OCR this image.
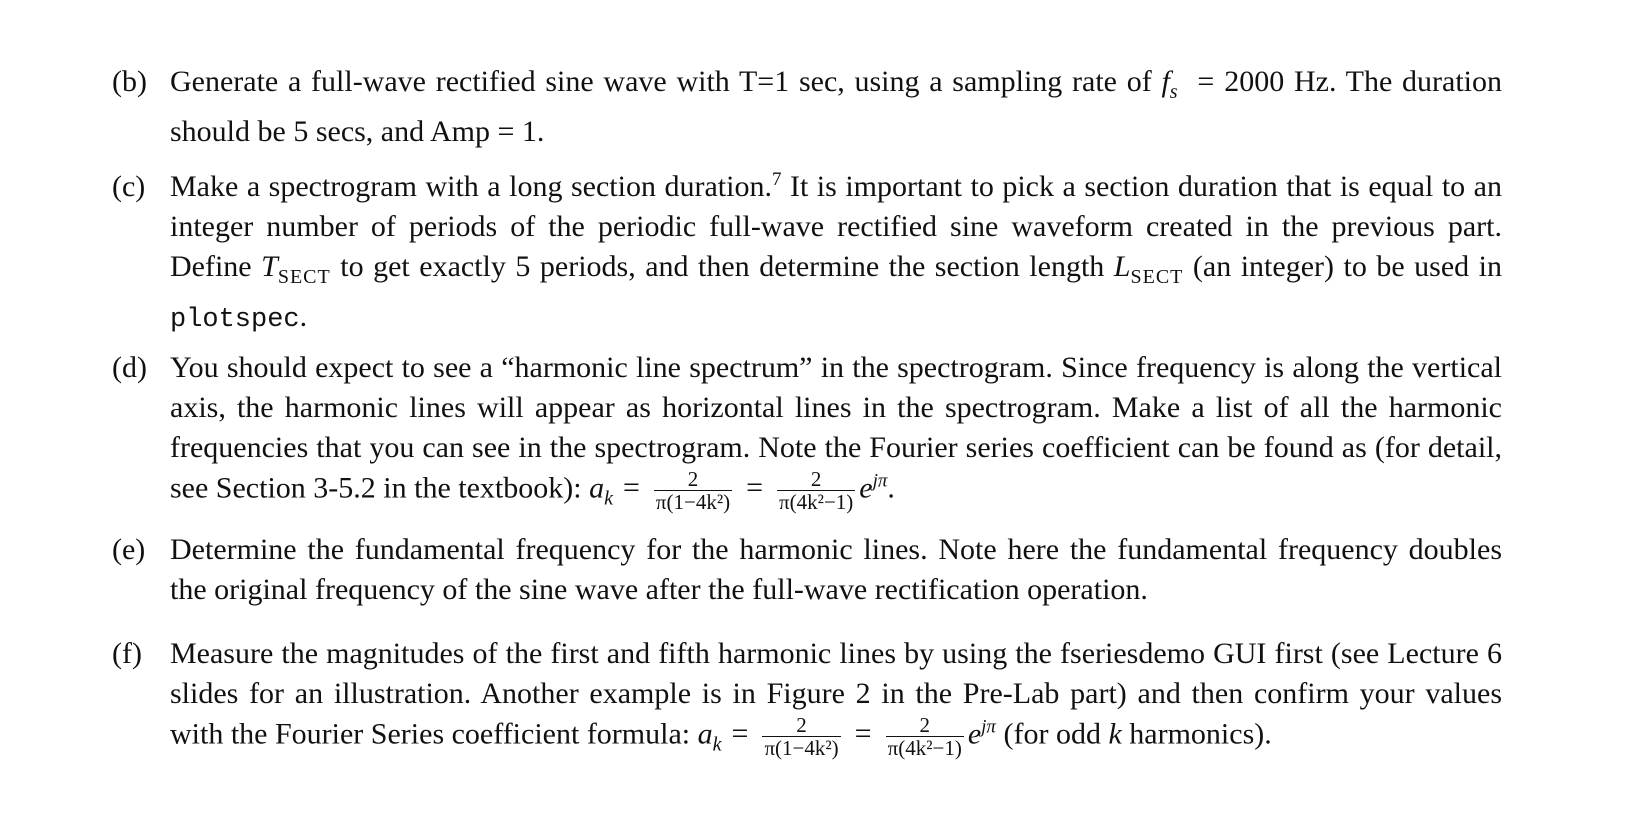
(b) Generate a full-wave rectified sine wave with T=1 sec, using a sampling rate of $f_s = 2000$ Hz. The duration should be 5 secs, and Amp = 1.
(c) Make a spectrogram with a long section duration.$^7$ It is important to pick a section duration that is equal to an integer number of periods of the periodic full-wave rectified sine waveform created in the previous part. Define $T_{SECT}$ to get exactly 5 periods, and then determine the section length $L_{SECT}$ (an integer) to be used in plotspec.
(d) You should expect to see a “harmonic line spectrum” in the spectrogram. Since frequency is along the vertical axis, the harmonic lines will appear as horizontal lines in the spectrogram. Make a list of all the harmonic frequencies that you can see in the spectrogram. Note the Fourier series coefficient can be found as (for detail, see Section 3-5.2 in the textbook): $a_k = \frac{2}{\text{π(1−4k²)}} = \frac{2}{\text{π(4k²−1)}} e^{j\pi}$.
(e) Determine the fundamental frequency for the harmonic lines. Note here the fundamental frequency doubles the original frequency of the sine wave after the full-wave rectification operation.
(f) Measure the magnitudes of the first and fifth harmonic lines by using the fseriesdemo GUI first (see Lecture 6 slides for an illustration. Another example is in Figure 2 in the Pre-Lab part) and then confirm your values with the Fourier Series coefficient formula: $a_k = \frac{2}{\text{π(1−4k²)}} = \frac{2}{\text{π(4k²−1)}} e^{j\pi}$ (for odd k harmonics).
